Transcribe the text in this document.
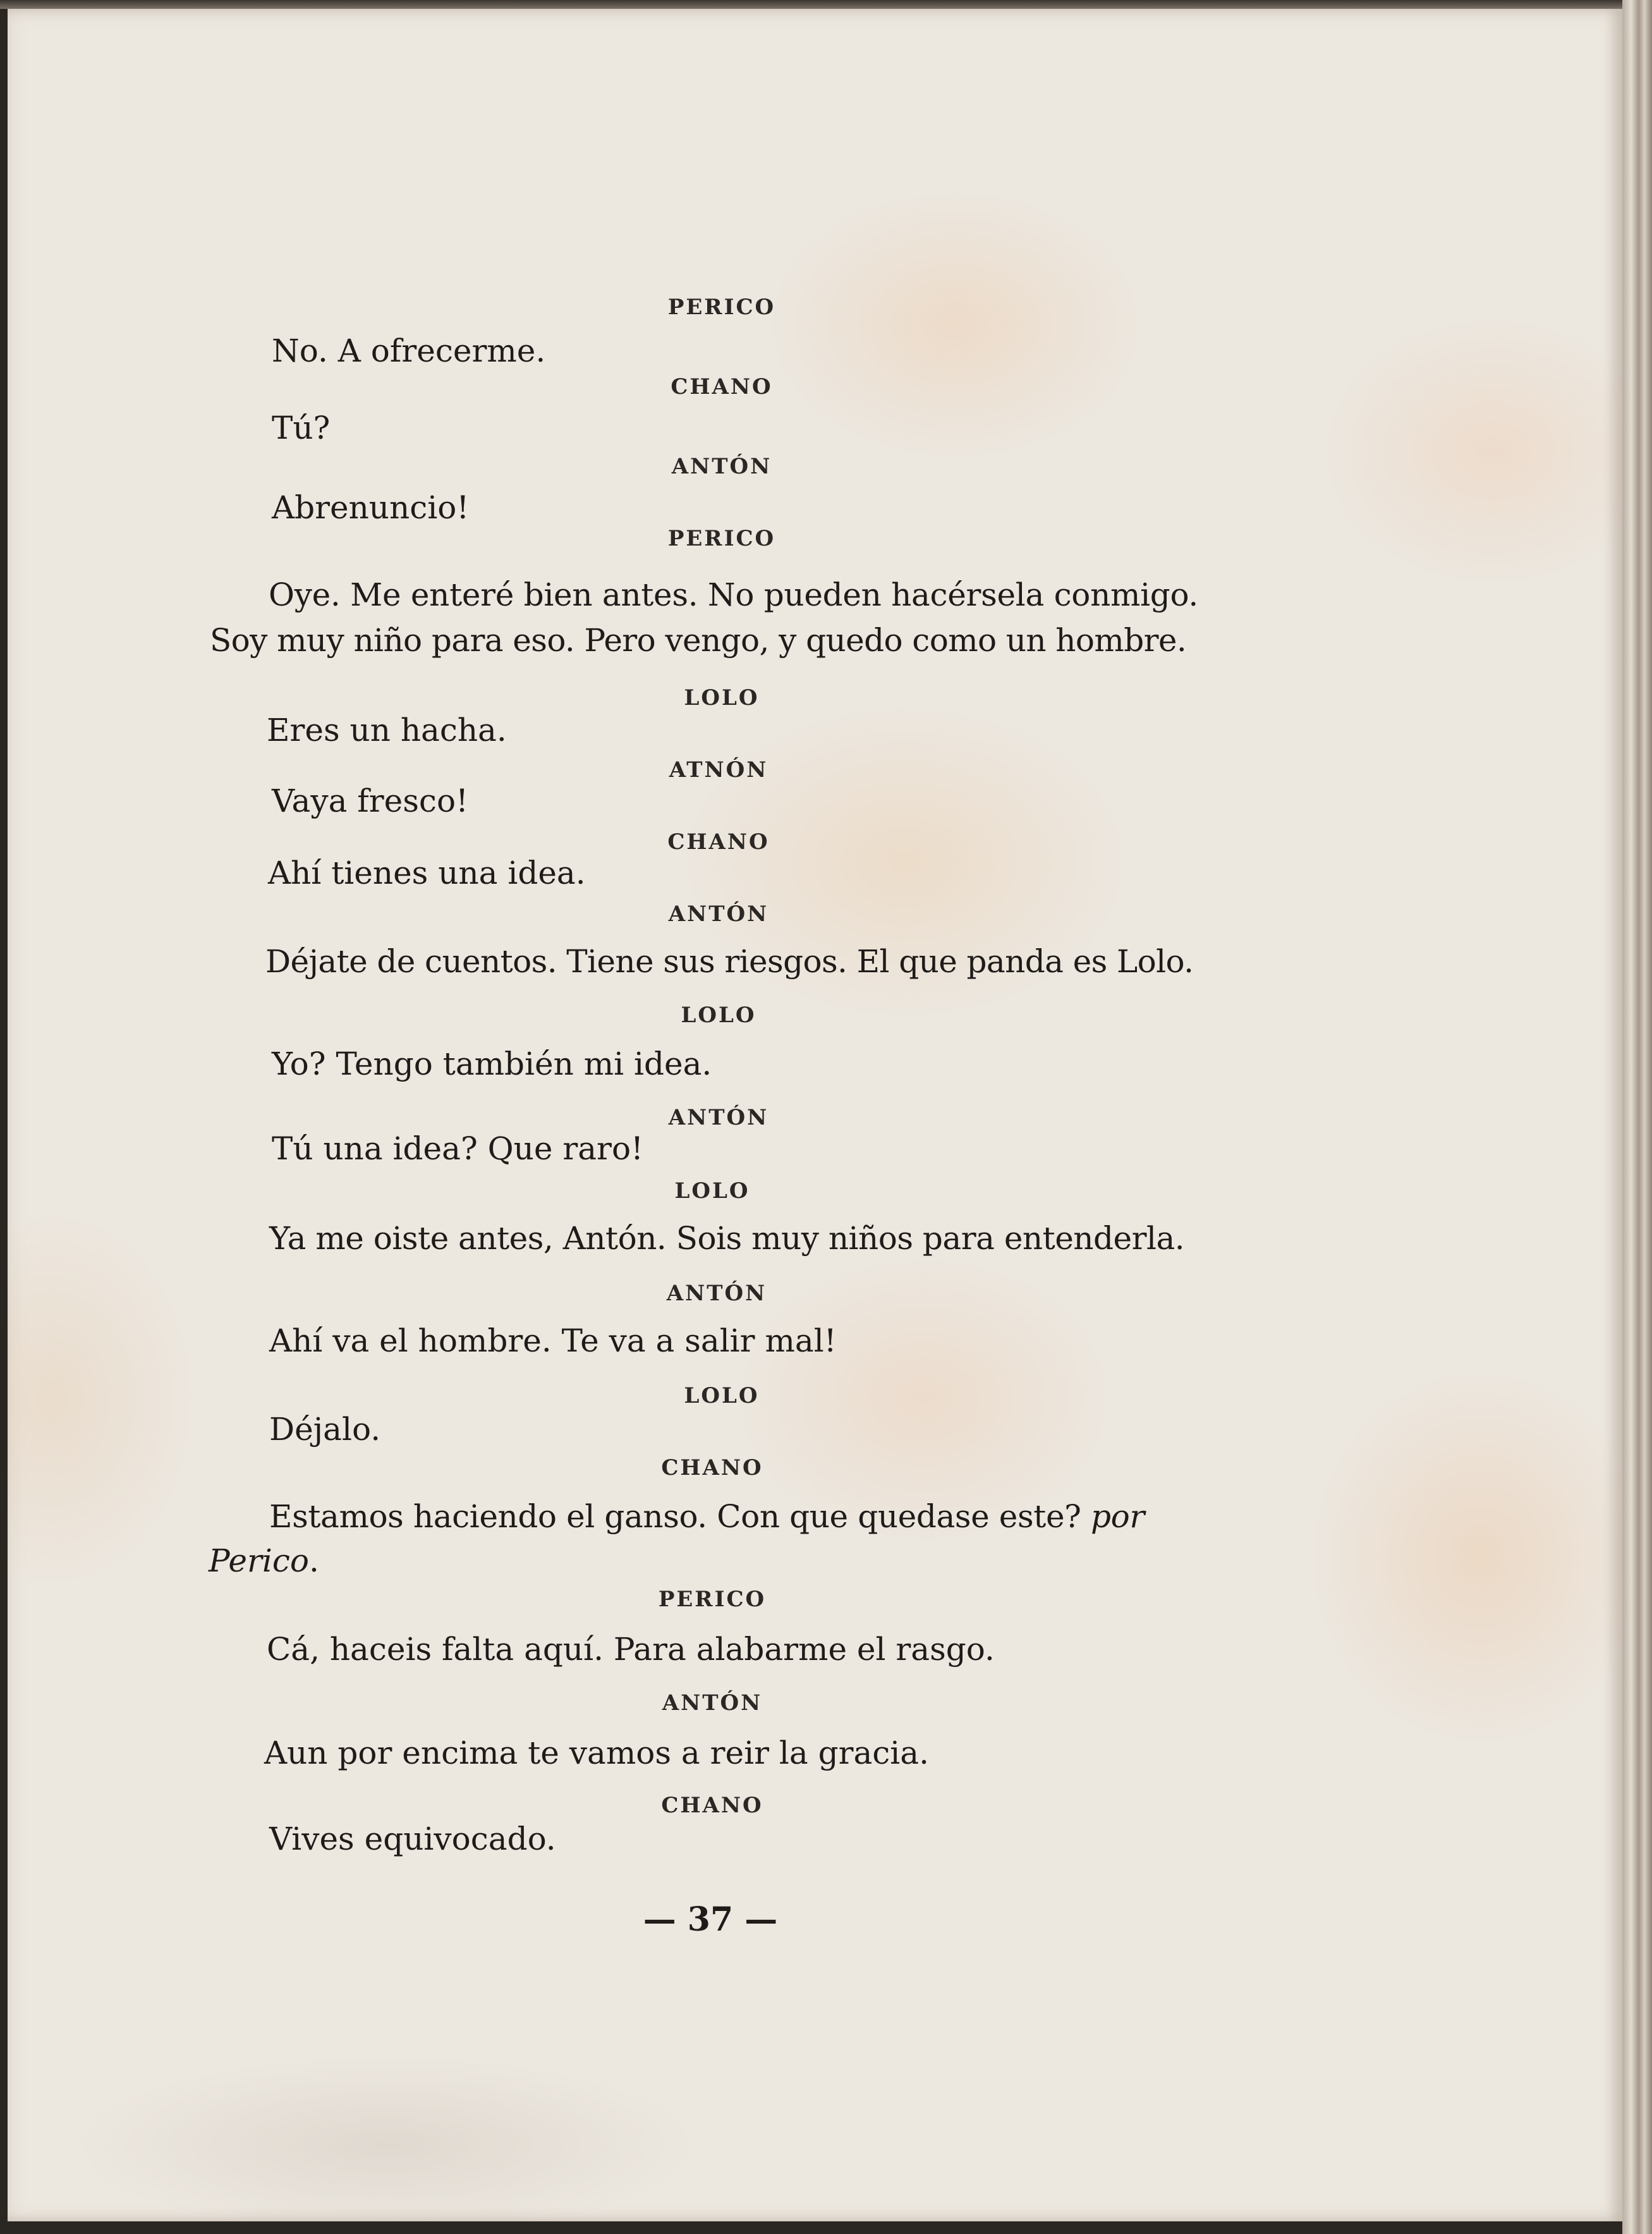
PERICO
No. A ofrecerme.
CHANO
Tú?
ANTÓN
Abrenuncio!
PERICO
Oye. Me enteré bien antes. No pueden hacérsela conmigo.
Soy muy niño para eso. Pero vengo, y quedo como un hombre.
LOLO
Eres un hacha.
ATNÓN
Vaya fresco!
CHANO
Ahí tienes una idea.
ANTÓN
Déjate de cuentos. Tiene sus riesgos. El que panda es Lolo.
LOLO
Yo? Tengo también mi idea.
ANTÓN
Tú una idea? Que raro!
LOLO
Ya me oiste antes, Antón. Sois muy niños para entenderla.
ANTÓN
Ahí va el hombre. Te va a salir mal!
LOLO
Déjalo.
CHANO
Estamos haciendo el ganso. Con que quedase este? por
Perico.
PERICO
Cá, haceis falta aquí. Para alabarme el rasgo.
ANTÓN
Aun por encima te vamos a reir la gracia.
CHANO
Vives equivocado.
— 37 —
